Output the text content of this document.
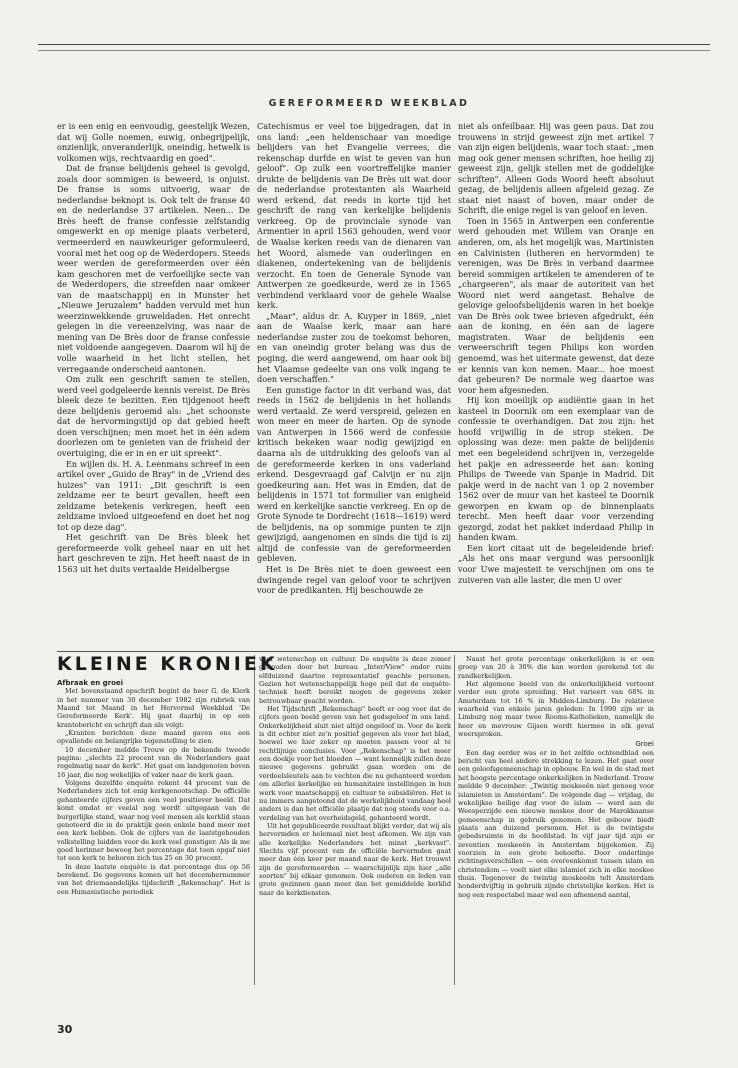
GEREFORMEERD WEEKBLAD

er is een enig en eenvoudig, geestelijk Wezen, dat wij Golle noemen, euwig, onbegrijpelijk, onzienlijk, onveranderlijk, oneindig, hetwelk is volkomen wijs, rechtvaardig en goed".

Dat de franse belijdenis geheel is gevolgd, zoals door sommigen is beweerd, is onjuist. De franse is soms uitvoerig, waar de nederlandse beknopt is. Ook telt de franse 40 en de nederlandse 37 artikelen. Neen... De Brès heeft de franse confessie zelfstandig omgewerkt en op menige plaats verbeterd, vermeerderd en nauwkeuriger geformuleerd, vooral met het oog op de Wederdopers. Steeds weer werden de gereformeerden over één kam geschoren met de verfoeilijke secte van de Wederdopers, die streefden naar omkeer van de maatschappij en in Munster het „Nieuwe Jeruzalem" hadden vervuld met hun weerzinwekkende gruweldaden. Het onrecht gelegen in die vereenzelving, was naar de mening van De Brès door de franse confessie niet voldoende aangegeven. Daarom wil hij de volle waarheid in het licht stellen, het verregaande onderscheid aantonen.

Om zulk een geschrift samen te stellen, werd veel godgeleerde kennis vereist. De Brès bleek deze te bezitten. Een tijdgenoot heeft deze belijdenis geroemd als: „het schoonste dat de hervormingstijd op dat gebied heeft doen verschijnen; men moet het in één adem doorlezen om te genieten van de frisheid der overtuiging, die er in en er uit spreekt".

En wijlen ds. H. A. Leenmans schreef in een artikel over „Guido de Bray" in de „Vriend des huizes" van 1911: „Dit geschrift is een zeldzame eer te beurt gevallen, heeft een zeldzame betekenis verkregen, heeft een zeldzame invloed uitgeoefend en doet het nog tot op deze dag".

Het geschrift van De Brès bleek het gereformeerde volk geheel naar en uit het hart geschreven te zijn. Het heeft naast de in 1563 uit het duits vertaalde Heidelbergse

Catechismus er veel toe bijgedragen, dat in ons land: „een heldenschaar van moedige belijders van het Evangelie verrees, die rekenschap durfde en wist te geven van hun geloof". Op zulk een voortreffelijke manier drukte de belijdenis van De Brès uit wat door de nederlandse protestanten als Waarheid werd erkend, dat reeds in korte tijd het geschrift de rang van kerkelijke belijdenis verkreeg. Op de provinciale synode van Armentier in april 1563 gehouden, werd voor de Waalse kerken reeds van de dienaren van het Woord, alsmede van ouderlingen en diakenen, ondertekening van de belijdenis verzocht. En toen de Generale Synode van Antwerpen ze goedkeurde, werd ze in 1565 verbindend verklaard voor de gehele Waalse kerk.

„Maar", aldus dr. A. Kuyper in 1869, „niet aan de Waalse kerk, maar aan hare nederlandse zuster zou de toekomst behoren, en van oneindig groter belang was dus de poging, die werd aangewend, om haar ook bij het Vlaamse gedeelte van ons volk ingang te doen verschaffen."

Een gunstige factor in dit verband was, dat reeds in 1562 de belijdenis in het hollands werd vertaald. Ze werd verspreid, gelezen en won meer en meer de harten. Op de synode van Antwerpen in 1566 werd de confessie kritisch bekeken waar nodig gewijzigd en daarna als de uitdrukking des geloofs van al de gereformeerde kerken in ons vaderland erkend. Desgevraagd gaf Calvijn er nu zijn goedkeuring aan. Het was in Emden, dat de belijdenis in 1571 tot formulier van enigheid werd en kerkelijke sanctie verkreeg. En op de Grote Synode te Dordrecht (1618—1619) werd de belijdenis, na op sommige punten te zijn gewijzigd, aangenomen en sinds die tijd is zij altijd de confessie van de gereformeerden gebleven.

Het is De Brès niet te doen geweest een dwingende regel van geloof voor te schrijven voor de predikanten. Hij beschouwde ze

niet als onfeilbaar. Hij was geen paus. Dat zou trouwens in strijd geweest zijn met artikel 7 van zijn eigen belijdenis, waar toch staat: „men mag ook gener mensen schriften, hoe heilig zij geweest zijn, gelijk stellen met de goddelijke schriften". Alleen Gods Woord heeft absoluut gezag, de belijdenis alleen afgeleid gezag. Ze staat niet naast of boven, maar onder de Schrift, die enige regel is van geloof en leven.

Toen in 1565 in Antwerpen een conferentie werd gehouden met Willem van Oranje en anderen, om, als het mogelijk was, Martinisten en Calvinisten (lutheren en hervormden) te verenigen, was De Brès in verband daarmee bereid sommigen artikelen te amenderen of te „chargeeren", als maar de autoriteit van het Woord niet werd aangetast. Behalve de gelovige geloofsbelijdenis waren in het boekje van De Brès ook twee brieven afgedrukt, één aan de koning, en één aan de lagere magistraten. Waar de belijdenis een verweerschrift tegen Philips kon worden genoemd, was het uitermate gewenst, dat deze er kennis van kon nemen. Maar... hoe moest dat gebeuren? De normale weg daartoe was voor hem afgesneden.

Hij kon moeilijk op audiëntie gaan in het kasteel in Doornik om een exemplaar van de confessie te overhandigen. Dat zou zijn: het hoofd vrijwillig in de strop steken. De oplossing was deze: men pakte de belijdenis met een begeleidend schrijven in, verzegelde het pakje en adresseerde het aan: koning Philips de Tweede van Spanje in Madrid. Dit pakje werd in de nacht van 1 op 2 november 1562 over de muur van het kasteel te Doornik geworpen en kwam op de binnenplaats terecht. Men heeft daar voor verzending gezorgd, zodat het pakket inderdaad Philip in handen kwam.

Een kort citaat uit de begeleidende brief: „Als het ons maar vergund was persoonlijk voor Uwe majesteit te verschijnen om ons te zuiveren van alle laster, die men U over

KLEINE KRONIEK

Afbraak en groei

Met bovenstaand opschrift begint de heer G. de Klerk in het nummer van 30 december 1982 zijn rubriek van Maand tot Maand in het Hervormd Weekblad 'De Gereformeerde Kerk'. Hij gaat daarbij in op een krantebericht en schrijft dan als volgt:

„Kranten berichten deze maand gaven ons een opvallende en belangrijke tegenstelling te zien.

10 december meldde Trouw op de bekende tweede pagina: „slechts 22 procent van de Nederlanders gaat regelmatig naar de kerk". Het gaat om landgenoten boven 16 jaar, die nog wekelijks of vaker naar de kerk gaan.

Volgens dezelfde enquête rekent 44 procent van de Nederlanders zich tot enig kerkgenootschap. De officiële gehanteerde cijfers geven een veel positiever beeld. Dat komt omdat er veelal nog wordt uitgegaan van de burgerlijke stand, waar nog veel mensen als kerklid staan genoteerd die in de praktijk geen enkele band meer met een kerk hebben. Ook de cijfers van de laatstgehouden volkstelling luidden voor de kerk veel gunstiger. Als ik me goed herinner bewoog het percentage dat toen opgaf niet tot een kerk te behoren zich tus 25 en 30 procent.

In deze laatste enquête is dat percentage dus op 56 berekend. De gegevens komen uit het decembernummer van het driemaandelijks tijdschrift „Rekenschap". Het is een Humanistische periodiek

voor wetenschap en cultuur. De enquête is deze zomer gehouden door het bureau „Inter/View" onder ruim elfduizend daartoe representatief geachte personen. Gezien het wetenschappelijk hoge peil dat de enquête-techniek heeft bereikt mogen de gegevens zeker betrouwbaar geacht worden.

Het Tijdschrift „Rekenschap" heeft er oog voor dat de cijfers geen beeld geven van het godsgeloof in ons land. Onkerkelijkheid sluit niet altijd ongeloof in. Voor de kerk is dit echter niet zo'n positief gegeven als voor het blad, hoewel we hier zeker op moeten passen voor al te rechtlijnige conclusies. Voor „Rekenschap" is het meer een doekje voor het bloeden — want kennelijk zullen deze nieuwe gegevens gebruikt gaan worden om de verdeelsleutels aan te vechten die nu gehanteerd worden om allerlei kerkelijke en humanitaire instellingen in hun werk voor maatschappij en cultuur te subsidiëren. Het is nu immers aangetoond dat de werkelijkheid vandaag heel anders is dan het officiële plaatje dat nog steeds voor o.a. verdeling van het overheidsgeld, gehanteerd wordt.

Uit het gepubliceerde resultaat blijkt verder, dat wij als hervormden er helemaal niet best afkomen. We zijn van alle kerkelijke Nederlanders het minst „kerkvast". Slechts vijf procent van de officiële hervormden gaat meer dan één keer per maand naar de kerk. Het trouwst zijn de gereformeerden — waarschijnlijk zijn hier „alle soorten" bij elkaar genomen. Ook ouderen en leden van grote gezinnen gaan meer dan het gemiddelde kerklid naar de kerkdiensten.

Naast het grote percentage onkerkelijken is er een groep van 20 à 30% die kan worden gerekend tot de randkerkelijken.

Het algemene beeld van de onkerkelijkheid vertoont verder een grote spreiding. Het varieert van 68% in Amsterdam tot 16 % in Midden-Limburg. De relatieve waarheid van enkele jaren geleden: In 1990 zijn er in Limburg nog maar twee Rooms-Katholieken, namelijk de heer en mevrouw Gijsen wordt hiermee in elk geval weersproken.

Groei

Een dag eerder was er in het zelfde ochtendblad een bericht van heel andere strekking te lezen. Het gaat over een geloofsgemeenschap in opbouw. En wel in de stad met het hoogste percentage onkerkelijken in Nederland. Trouw meldde 9 december: „Twintig moskeeën niet genoeg voor islamieten in Amsterdam". De volgende dag — vrijdag, de wekelijkse heilige dag voor de islam — werd aan de Weesperzijde een nieuwe moskee door de Marokkaanse gemeenschap in gebruik genomen. Het gebouw biedt plaats aan duizend personen. Het is de twintigste gebedsruimte in de hoofdstad. In vijf jaar tijd zijn er zeventien moskeeën in Amsterdam bijgekomen. Zij voorzien in een grote behoefte. Door onderlinge richtingsverschillen — een overeenkomst tussen islam en christendom — voelt niet elke islamiet zich in elke moskee thuis. Tegenover de twintig moskeeën telt Amsterdam honderdvijftig in gebruik zijnde christelijke kerken. Het is nog een respectabel maar wel een afnemend aantal,

30
